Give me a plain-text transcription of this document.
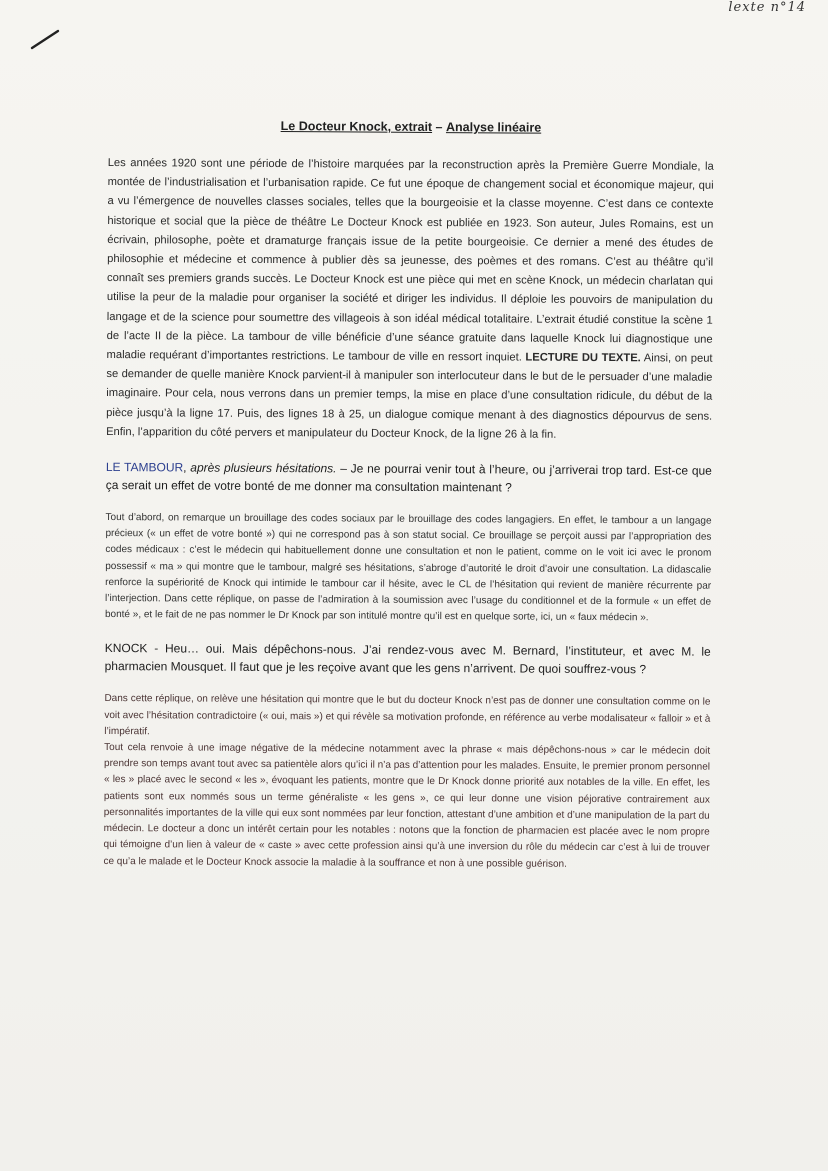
lexte n°14
Le Docteur Knock, extrait – Analyse linéaire

Les années 1920 sont une période de l’histoire marquées par la reconstruction après la Première Guerre Mondiale, la montée de l’industrialisation et l’urbanisation rapide. Ce fut une époque de changement social et économique majeur, qui a vu l’émergence de nouvelles classes sociales, telles que la bourgeoisie et la classe moyenne. C’est dans ce contexte historique et social que la pièce de théâtre Le Docteur Knock est publiée en 1923. Son auteur, Jules Romains, est un écrivain, philosophe, poète et dramaturge français issue de la petite bourgeoisie. Ce dernier a mené des études de philosophie et médecine et commence à publier dès sa jeunesse, des poèmes et des romans. C’est au théâtre qu’il connaît ses premiers grands succès. Le Docteur Knock est une pièce qui met en scène Knock, un médecin charlatan qui utilise la peur de la maladie pour organiser la société et diriger les individus. Il déploie les pouvoirs de manipulation du langage et de la science pour soumettre des villageois à son idéal médical totalitaire. L’extrait étudié constitue la scène 1 de l’acte II de la pièce. La tambour de ville bénéficie d’une séance gratuite dans laquelle Knock lui diagnostique une maladie requérant d’importantes restrictions. Le tambour de ville en ressort inquiet. LECTURE DU TEXTE. Ainsi, on peut se demander de quelle manière Knock parvient-il à manipuler son interlocuteur dans le but de le persuader d’une maladie imaginaire. Pour cela, nous verrons dans un premier temps, la mise en place d’une consultation ridicule, du début de la pièce jusqu’à la ligne 17. Puis, des lignes 18 à 25, un dialogue comique menant à des diagnostics dépourvus de sens. Enfin, l’apparition du côté pervers et manipulateur du Docteur Knock, de la ligne 26 à la fin.

LE TAMBOUR, après plusieurs hésitations. – Je ne pourrai venir tout à l’heure, ou j’arriverai trop tard. Est-ce que ça serait un effet de votre bonté de me donner ma consultation maintenant ?

Tout d’abord, on remarque un brouillage des codes sociaux par le brouillage des codes langagiers. En effet, le tambour a un langage précieux (« un effet de votre bonté ») qui ne correspond pas à son statut social. Ce brouillage se perçoit aussi par l’appropriation des codes médicaux : c’est le médecin qui habituellement donne une consultation et non le patient, comme on le voit ici avec le pronom possessif « ma » qui montre que le tambour, malgré ses hésitations, s’abroge d’autorité le droit d’avoir une consultation. La didascalie renforce la supériorité de Knock qui intimide le tambour car il hésite, avec le CL de l’hésitation qui revient de manière récurrente par l’interjection. Dans cette réplique, on passe de l’admiration à la soumission avec l’usage du conditionnel et de la formule « un effet de bonté », et le fait de ne pas nommer le Dr Knock par son intitulé montre qu’il est en quelque sorte, ici, un « faux médecin ».

KNOCK - Heu… oui. Mais dépêchons-nous. J’ai rendez-vous avec M. Bernard, l’instituteur, et avec M. le pharmacien Mousquet. Il faut que je les reçoive avant que les gens n’arrivent. De quoi souffrez-vous ?

Dans cette réplique, on relève une hésitation qui montre que le but du docteur Knock n’est pas de donner une consultation comme on le voit avec l’hésitation contradictoire (« oui, mais ») et qui révèle sa motivation profonde, en référence au verbe modalisateur « falloir » et à l’impératif.

Tout cela renvoie à une image négative de la médecine notamment avec la phrase « mais dépêchons-nous » car le médecin doit prendre son temps avant tout avec sa patientèle alors qu’ici il n’a pas d’attention pour les malades. Ensuite, le premier pronom personnel « les » placé avec le second « les », évoquant les patients, montre que le Dr Knock donne priorité aux notables de la ville. En effet, les patients sont eux nommés sous un terme généraliste « les gens », ce qui leur donne une vision péjorative contrairement aux personnalités importantes de la ville qui eux sont nommées par leur fonction, attestant d’une ambition et d’une manipulation de la part du médecin. Le docteur a donc un intérêt certain pour les notables : notons que la fonction de pharmacien est placée avec le nom propre qui témoigne d’un lien à valeur de « caste » avec cette profession ainsi qu’à une inversion du rôle du médecin car c’est à lui de trouver ce qu’a le malade et le Docteur Knock associe la maladie à la souffrance et non à une possible guérison.
